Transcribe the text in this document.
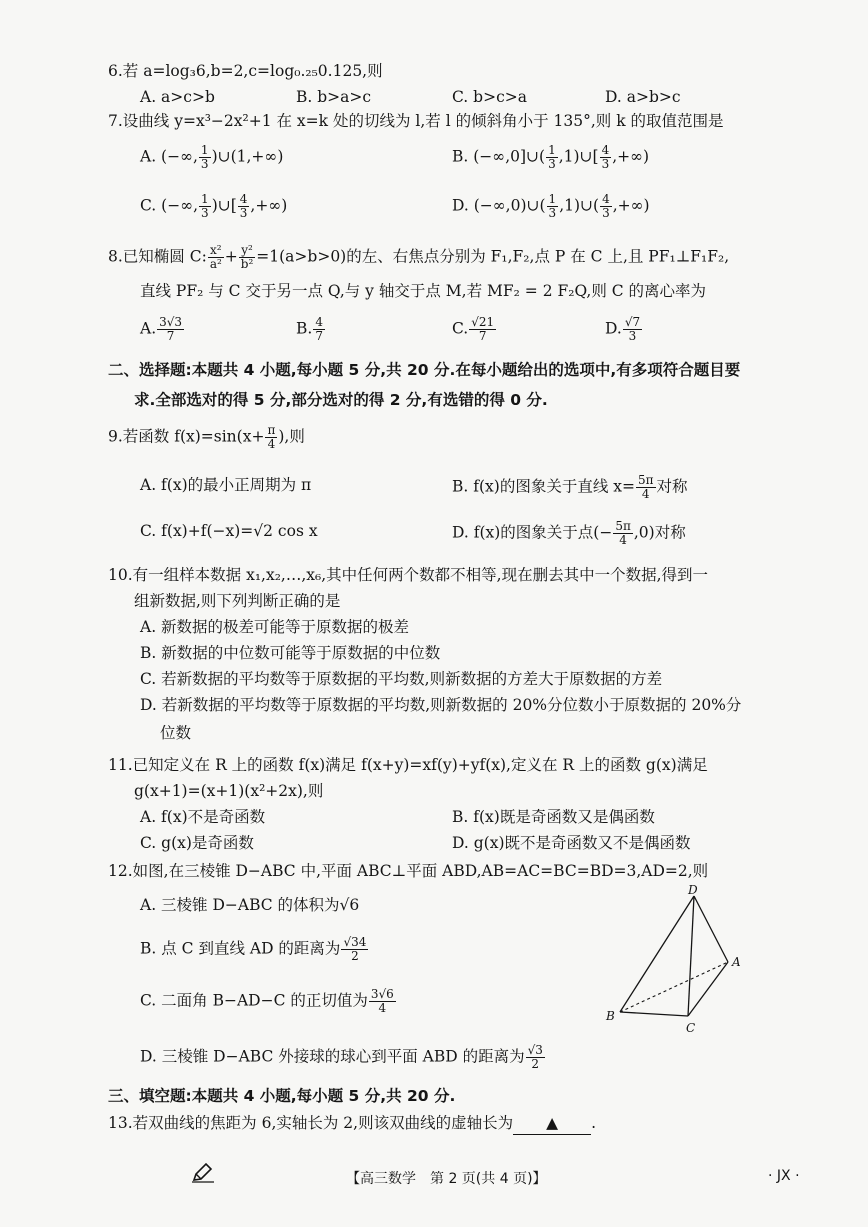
6.若 a=log₃6,b=2,c=log₀.₂₅0.125,则
A. a>c>b	B. b>a>c	C. b>c>a	D. a>b>c
7.设曲线 y=x³−2x²+1 在 x=k 处的切线为 l,若 l 的倾斜角小于 135°,则 k 的取值范围是
A. (−∞, $\frac{1}{3}$ )∪(1,+∞)	B. (−∞,0]∪( $\frac{1}{3}$ ,1)∪[ $\frac{4}{3}$ ,+∞)
C. (−∞, $\frac{1}{3}$ )∪[ $\frac{4}{3}$ ,+∞)	D. (−∞,0)∪( $\frac{1}{3}$ ,1)∪( $\frac{4}{3}$ ,+∞)
8.已知椭圆 C: $\frac{\text{x²}}{\text{a²}} + \frac{\text{y²}}{\text{b²}} =1(a>b>0)$的左、右焦点分别为 F₁,F₂,点 P 在 C 上,且 PF₁⊥F₁F₂,
直线 PF₂ 与 C 交于另一点 Q,与 y 轴交于点 M,若 MF₂ = 2 F₂Q,则 C 的离心率为
A. $\frac{3√3}{7}$	B. $\frac{4}{7}$	C. $\frac{√21}{7}$	D. $\frac{√7}{3}$
二、选择题:本题共 4 小题,每小题 5 分,共 20 分.在每小题给出的选项中,有多项符合题目要
求.全部选对的得 5 分,部分选对的得 2 分,有选错的得 0 分.
9.若函数 $f(x)=\sin(x+ \frac{\pi}{4}$ ),则
A. f(x)的最小正周期为 π	B. f(x)的图象关于直线 $x= \frac{5\pi}{4}$ 对称
C. f(x)+f(−x)=√2 cos x	D. f(x)的图象关于点(− $\frac{5\pi}{4} ,0$)对称
10.有一组样本数据 x₁,x₂,…,x₆,其中任何两个数都不相等,现在删去其中一个数据,得到一
组新数据,则下列判断正确的是
A. 新数据的极差可能等于原数据的极差
B. 新数据的中位数可能等于原数据的中位数
C. 若新数据的平均数等于原数据的平均数,则新数据的方差大于原数据的方差
D. 若新数据的平均数等于原数据的平均数,则新数据的 20%分位数小于原数据的 20%分
位数
11.已知定义在 R 上的函数 f(x)满足 f(x+y)=xf(y)+yf(x),定义在 R 上的函数 g(x)满足
g(x+1)=(x+1)(x²+2x),则
A. f(x)不是奇函数	B. f(x)既是奇函数又是偶函数
C. g(x)是奇函数	D. g(x)既不是奇函数又不是偶函数
12.如图,在三棱锥 D−ABC 中,平面 ABC⊥平面 ABD,AB=AC=BC=BD=3,AD=2,则
A. 三棱锥 D−ABC 的体积为√6
B. 点 C 到直线 AD 的距离为 $\frac{√34}{2}$
C. 二面角 B−AD−C 的正切值为 $\frac{3√6}{4}$
D. 三棱锥 D−ABC 外接球的球心到平面 ABD 的距离为 $\frac{√3}{2}$
D
A
B
C
三、填空题:本题共 4 小题,每小题 5 分,共 20 分.
13.若双曲线的焦距为 6,实轴长为 2,则该双曲线的虚轴长为 ▲ .
【高三数学　第 2 页(共 4 页)】	· JX ·
